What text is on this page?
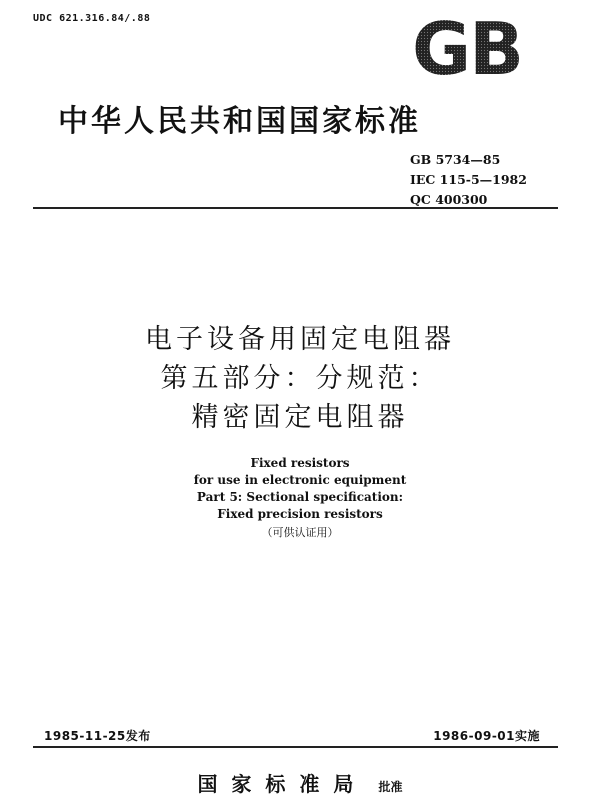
UDC 621.316.84/.88	GB
中华人民共和国国家标准
GB 5734—85
IEC 115-5—1982
QC 400300
电子设备用固定电阻器
第五部分：分规范：
精密固定电阻器
Fixed resistors
for use in electronic equipment
Part 5: Sectional specification:
Fixed precision resistors
（可供认证用）
1985-11-25发布	1986-09-01实施
国家标准局 批准
